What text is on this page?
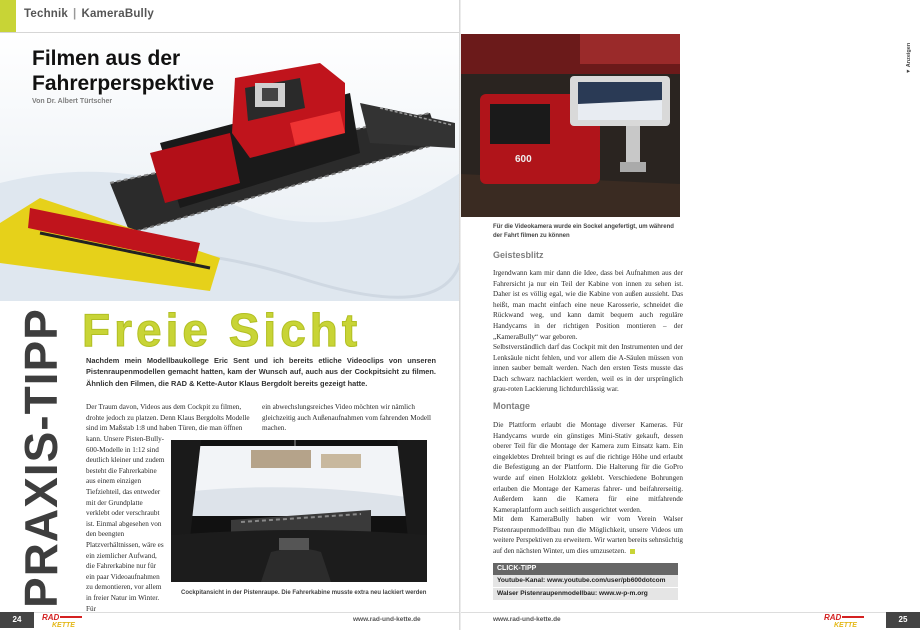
Technik | KameraBully
Filmen aus der
Fahrerperspektive
Von Dr. Albert Türtscher
PRAXIS-TIPP Freie Sicht
Nachdem mein Modellbaukollege Eric Sent und ich bereits etliche Videoclips von unseren Pistenraupenmodellen gemacht hatten, kam der Wunsch auf, auch aus der Cockpitsicht zu filmen. Ähnlich den Filmen, die RAD & Kette-Autor Klaus Bergdolt bereits gezeigt hatte.
Der Traum davon, Videos aus dem Cockpit zu filmen, drohte jedoch zu platzen. Denn Klaus Bergdolts Modelle sind im Maßstab 1:8 und haben Türen, die man öffnen
kann. Unsere Pisten-Bully-600-Modelle in 1:12 sind deutlich kleiner und zudem besteht die Fahrerkabine aus einem einzigen Tiefziehteil, das entweder mit der Grundplatte verklebt oder verschraubt ist. Einmal abgesehen von den beengten Platzverhältnissen, wäre es ein ziemlicher Aufwand, die Fahrerkabine nur für ein paar Videoaufnahmen zu demontieren, vor allem in freier Natur im Winter. Für
ein abwechslungsreiches Video möchten wir nämlich gleichzeitig auch Außenaufnahmen vom fahrenden Modell machen.
Cockpitansicht in der Pistenraupe. Die Fahrerkabine musste extra neu lackiert werden
24	RAD
KETTE
www.rad-und-kette.de
600
▼ Anzeigen
Für die Videokamera wurde ein Sockel angefertigt, um während der Fahrt filmen zu können
Geistesblitz
Irgendwann kam mir dann die Idee, dass bei Aufnahmen aus der Fahrersicht ja nur ein Teil der Kabine von innen zu sehen ist. Daher ist es völlig egal, wie die Kabine von außen aussieht. Das heißt, man macht einfach eine neue Karosserie, schneidet die Rückwand weg, und kann damit bequem auch reguläre Handycams in der richtigen Position montieren – der „KameraBully“ war geboren.
Selbstverständlich darf das Cockpit mit den Instrumenten und der Lenksäule nicht fehlen, und vor allem die A-Säulen müssen von innen sauber bemalt werden. Nach den ersten Tests musste das Dach schwarz nachlackiert werden, weil es in der ursprünglich grau-roten Lackierung lichtdurchlässig war.
Montage
Die Plattform erlaubt die Montage diverser Kameras. Für Handycams wurde ein günstiges Mini-Stativ gekauft, dessen oberer Teil für die Montage der Kamera zum Einsatz kam. Ein eingeklebtes Drehteil bringt es auf die richtige Höhe und erlaubt die Befestigung an der Plattform. Die Halterung für die GoPro wurde auf einen Holzklotz geklebt. Verschiedene Bohrungen erlauben die Montage der Kameras fahrer- und beifahrerseitig. Außerdem kann die Kamera für eine mitfahrende Kameraplattform auch seitlich ausgerichtet werden.
Mit dem KameraBully haben wir vom Verein Walser Pistenraupenmodellbau nun die Möglichkeit, unsere Videos um weitere Perspektiven zu erweitern. Wir warten bereits sehnsüchtig auf den nächsten Winter, um dies umzusetzen.
CLICK-TIPP
Youtube-Kanal: www.youtube.com/user/pb600dotcom
Walser Pistenraupenmodellbau: www.w-p-m.org
www.rad-und-kette.de	RAD
KETTE
25
